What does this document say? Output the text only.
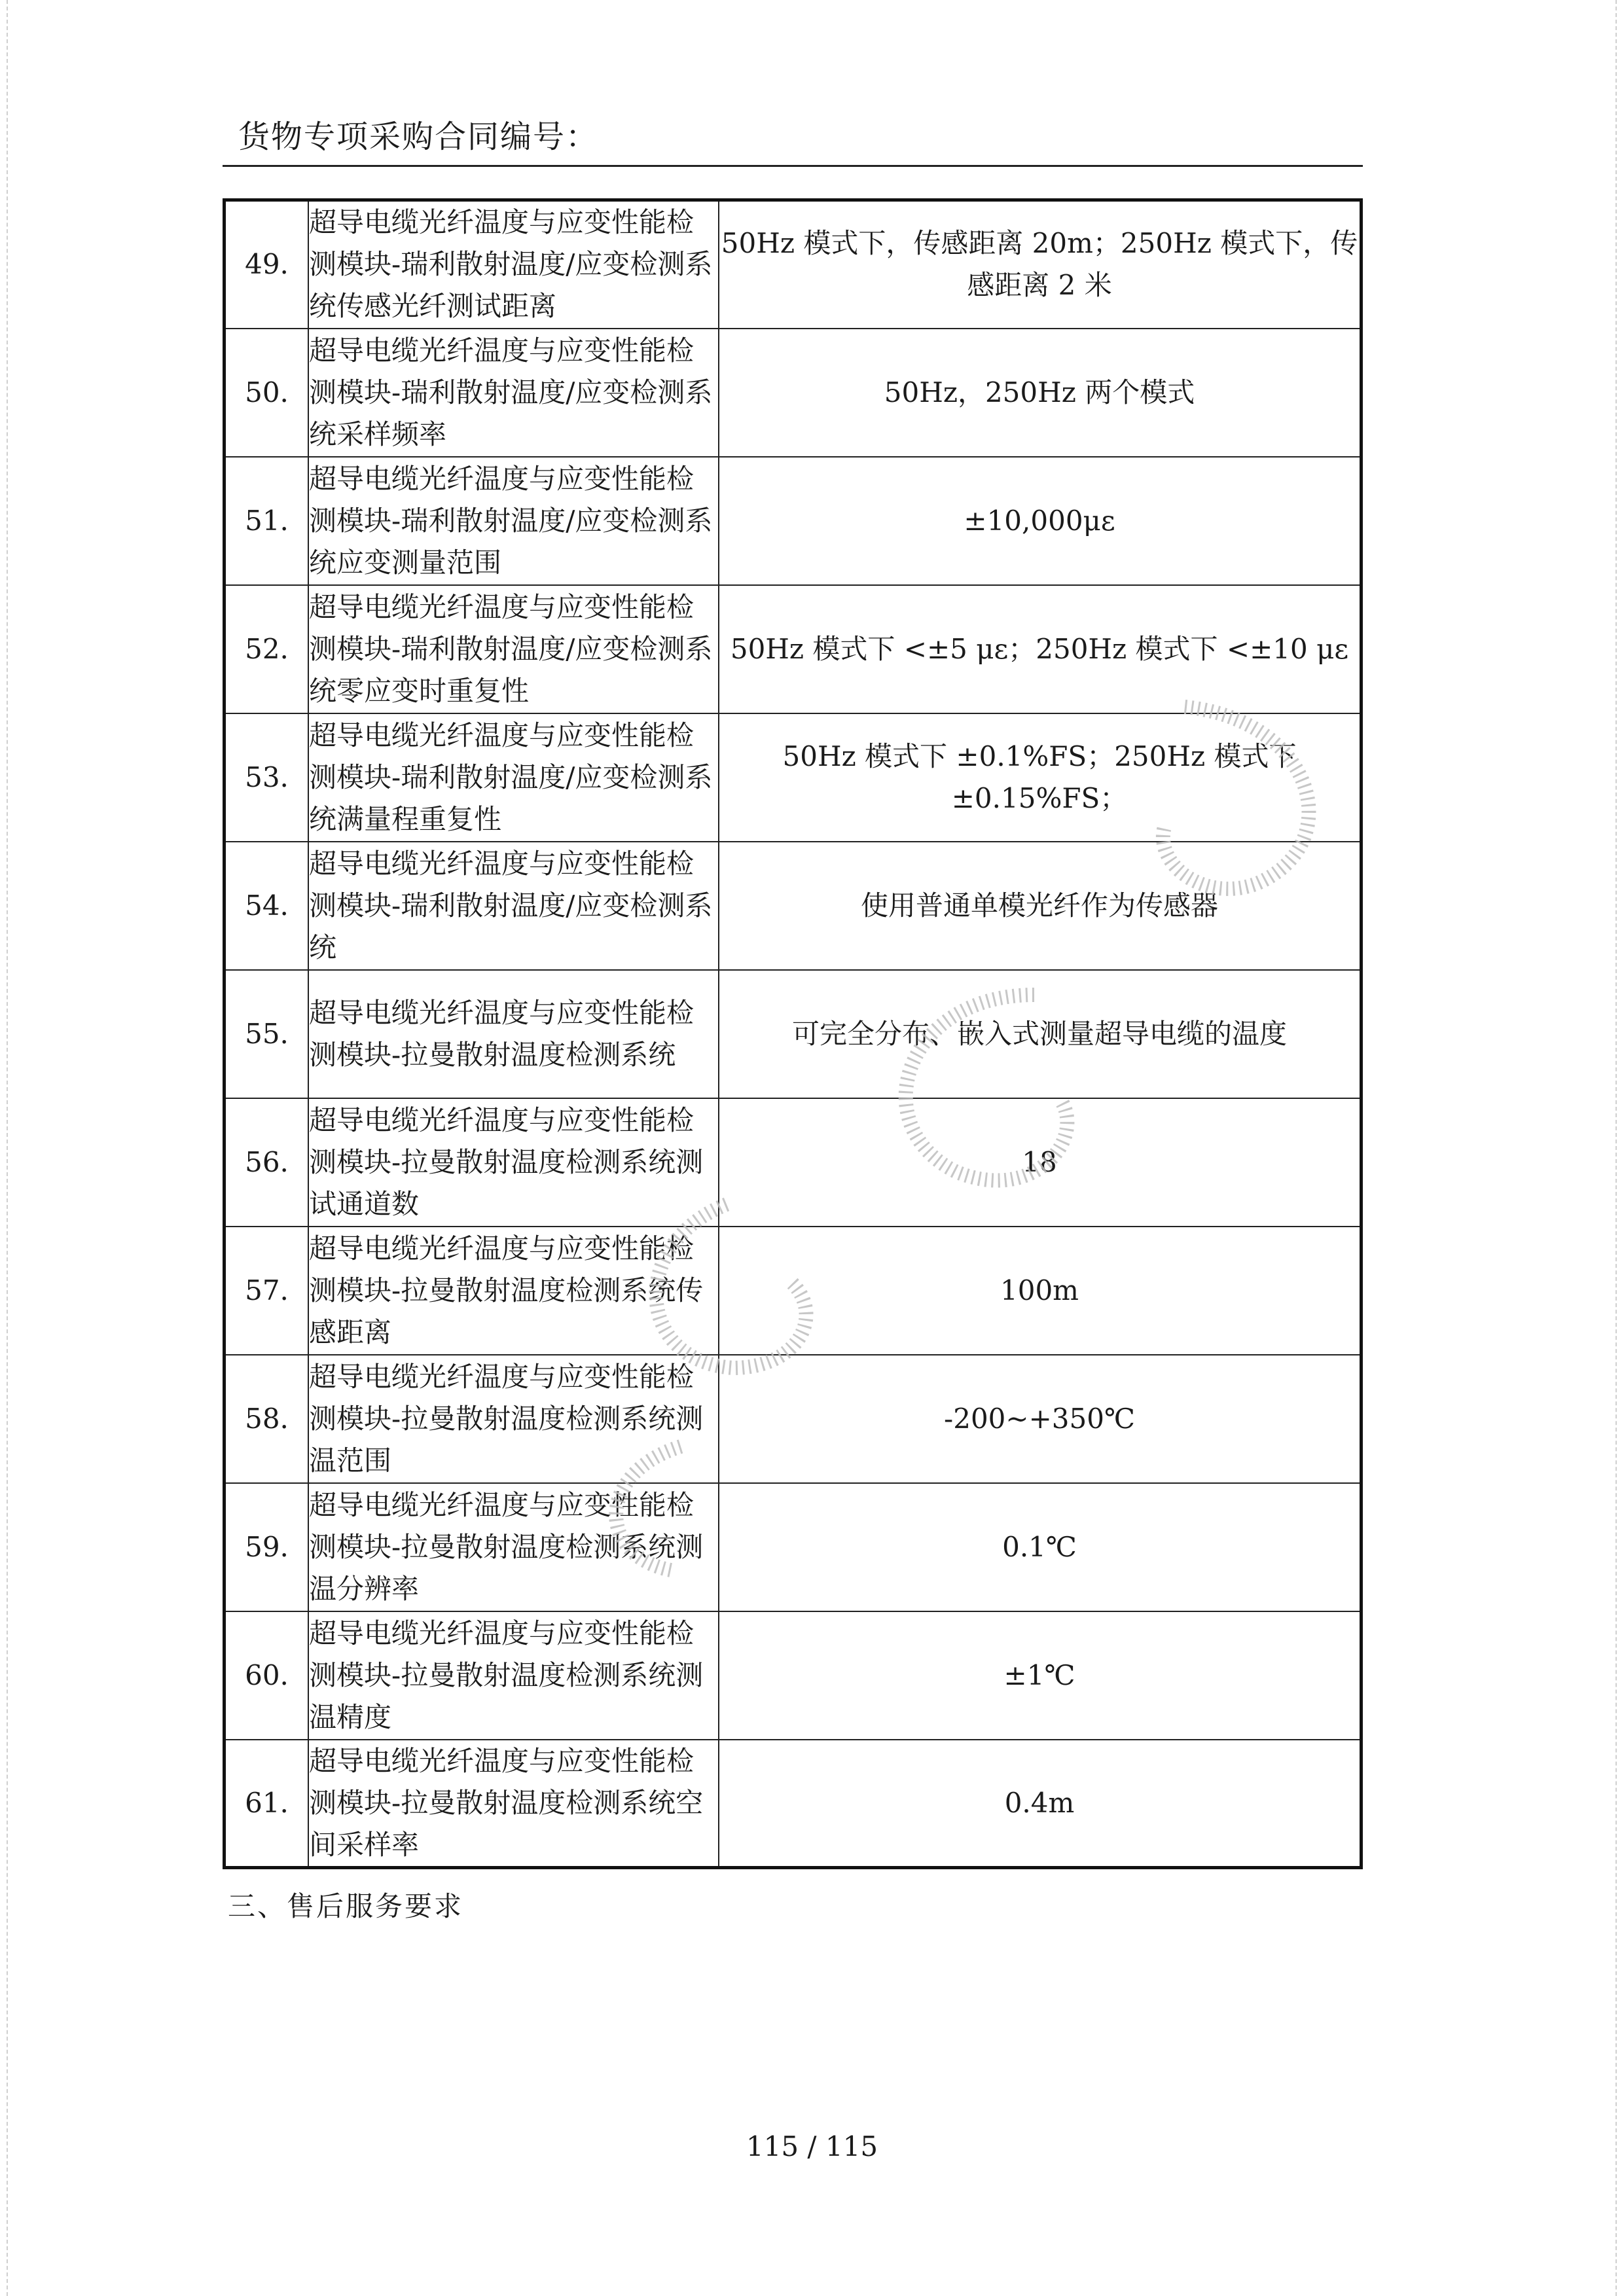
货物专项采购合同编号：
49.	超导电缆光纤温度与应变性能检测模块-瑞利散射温度/应变检测系统传感光纤测试距离	50Hz 模式下，传感距离 20m；250Hz 模式下，传感距离 2 米
50.	超导电缆光纤温度与应变性能检测模块-瑞利散射温度/应变检测系统采样频率	50Hz，250Hz 两个模式
51.	超导电缆光纤温度与应变性能检测模块-瑞利散射温度/应变检测系统应变测量范围	±10,000με
52.	超导电缆光纤温度与应变性能检测模块-瑞利散射温度/应变检测系统零应变时重复性	50Hz 模式下 <±5 με；250Hz 模式下 <±10 με
53.	超导电缆光纤温度与应变性能检测模块-瑞利散射温度/应变检测系统满量程重复性	50Hz 模式下 ±0.1%FS；250Hz 模式下 ±0.15%FS；
54.	超导电缆光纤温度与应变性能检测模块-瑞利散射温度/应变检测系统	使用普通单模光纤作为传感器
55.	超导电缆光纤温度与应变性能检测模块-拉曼散射温度检测系统	可完全分布、嵌入式测量超导电缆的温度
56.	超导电缆光纤温度与应变性能检测模块-拉曼散射温度检测系统测试通道数	18
57.	超导电缆光纤温度与应变性能检测模块-拉曼散射温度检测系统传感距离	100m
58.	超导电缆光纤温度与应变性能检测模块-拉曼散射温度检测系统测温范围	-200~+350℃
59.	超导电缆光纤温度与应变性能检测模块-拉曼散射温度检测系统测温分辨率	0.1℃
60.	超导电缆光纤温度与应变性能检测模块-拉曼散射温度检测系统测温精度	±1℃
61.	超导电缆光纤温度与应变性能检测模块-拉曼散射温度检测系统空间采样率	0.4m
三、售后服务要求
115 / 115
